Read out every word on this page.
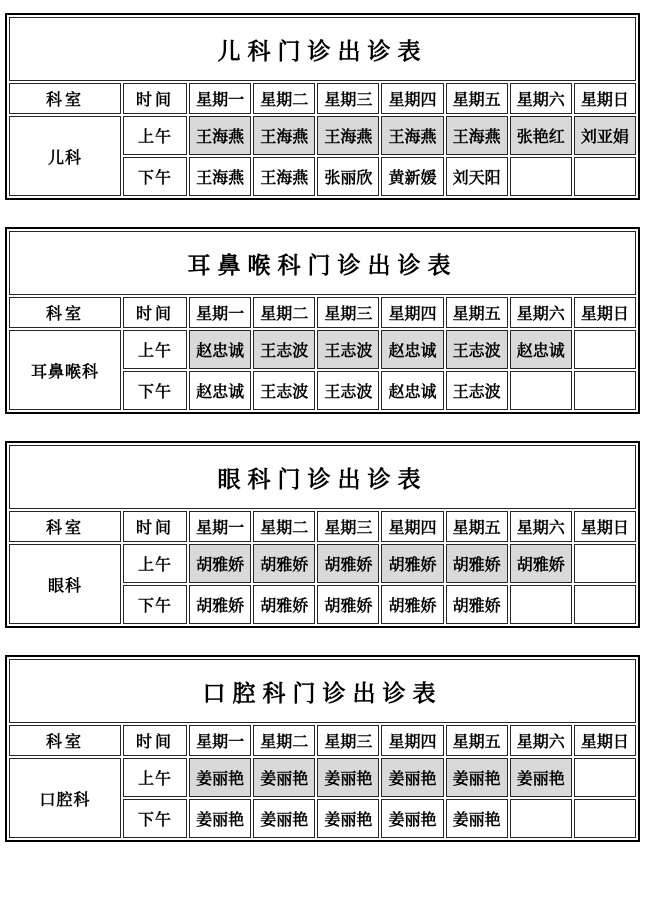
儿科门诊出诊表								
科室	时间	星期一	星期二	星期三	星期四	星期五	星期六	星期日
儿科	上午	王海燕	王海燕	王海燕	王海燕	王海燕	张艳红	刘亚娟
	下午	王海燕	王海燕	张丽欣	黄新媛	刘天阳		
耳鼻喉科门诊出诊表								
科室	时间	星期一	星期二	星期三	星期四	星期五	星期六	星期日
耳鼻喉科	上午	赵忠诚	王志波	王志波	赵忠诚	王志波	赵忠诚	
	下午	赵忠诚	王志波	王志波	赵忠诚	王志波		
眼科门诊出诊表								
科室	时间	星期一	星期二	星期三	星期四	星期五	星期六	星期日
眼科	上午	胡雅娇	胡雅娇	胡雅娇	胡雅娇	胡雅娇	胡雅娇	
	下午	胡雅娇	胡雅娇	胡雅娇	胡雅娇	胡雅娇		
口腔科门诊出诊表								
科室	时间	星期一	星期二	星期三	星期四	星期五	星期六	星期日
口腔科	上午	姜丽艳	姜丽艳	姜丽艳	姜丽艳	姜丽艳	姜丽艳	
	下午	姜丽艳	姜丽艳	姜丽艳	姜丽艳	姜丽艳		
